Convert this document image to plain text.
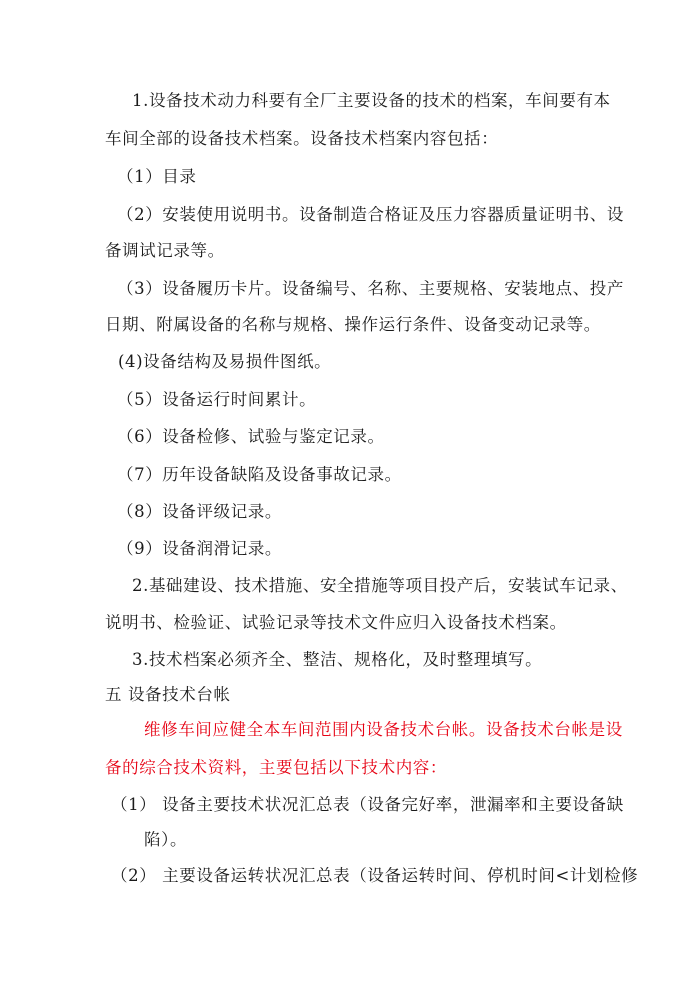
1.设备技术动力科要有全厂主要设备的技术的档案，车间要有本
车间全部的设备技术档案。设备技术档案内容包括：
（1）目录
（2）安装使用说明书。设备制造合格证及压力容器质量证明书、设
备调试记录等。
（3）设备履历卡片。设备编号、名称、主要规格、安装地点、投产
日期、附属设备的名称与规格、操作运行条件、设备变动记录等。
(4)设备结构及易损件图纸。
（5）设备运行时间累计。
（6）设备检修、试验与鉴定记录。
（7）历年设备缺陷及设备事故记录。
（8）设备评级记录。
（9）设备润滑记录。
2.基础建设、技术措施、安全措施等项目投产后，安装试车记录、
说明书、检验证、试验记录等技术文件应归入设备技术档案。
3.技术档案必须齐全、整洁、规格化，及时整理填写。
五 设备技术台帐
维修车间应健全本车间范围内设备技术台帐。设备技术台帐是设
备的综合技术资料，主要包括以下技术内容：
（1） 设备主要技术状况汇总表（设备完好率，泄漏率和主要设备缺
陷）。
（2） 主要设备运转状况汇总表（设备运转时间、停机时间<计划检修
